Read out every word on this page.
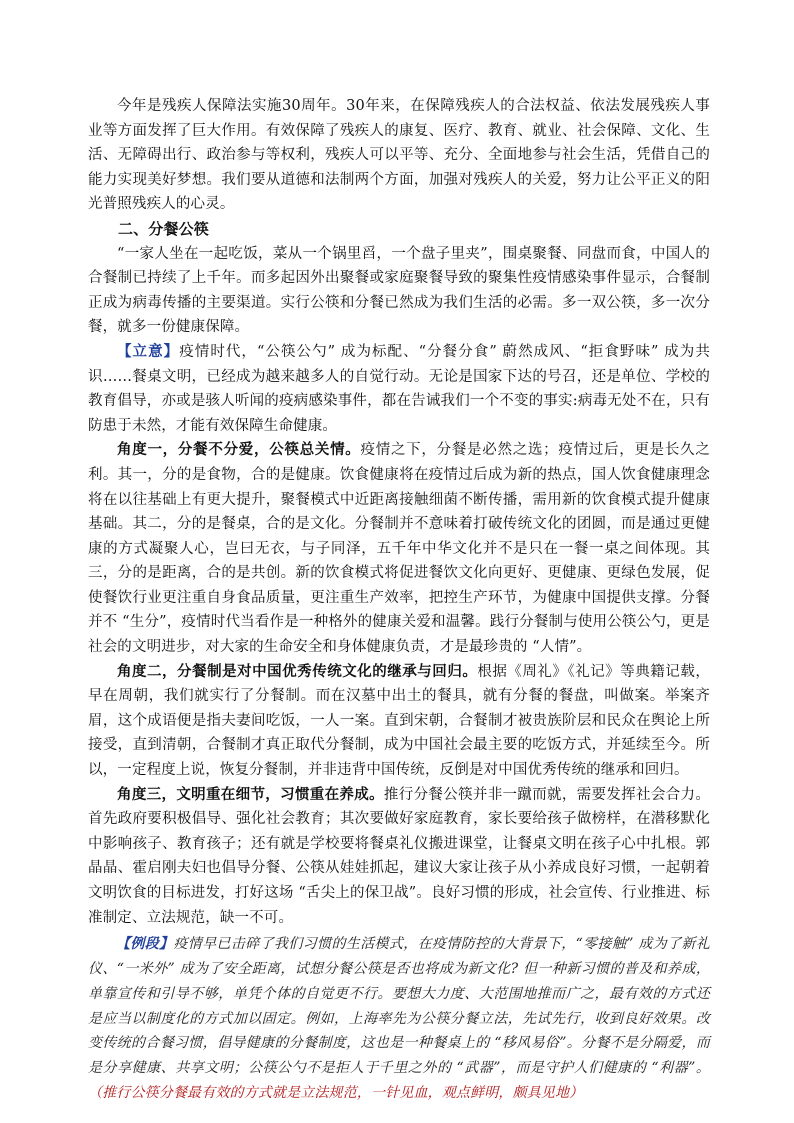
今年是残疾人保障法实施30周年。30年来，在保障残疾人的合法权益、依法发展残疾人事业等方面发挥了巨大作用。有效保障了残疾人的康复、医疗、教育、就业、社会保障、文化、生活、无障碍出行、政治参与等权利，残疾人可以平等、充分、全面地参与社会生活，凭借自己的能力实现美好梦想。我们要从道德和法制两个方面，加强对残疾人的关爱，努力让公平正义的阳光普照残疾人的心灵。

二、分餐公筷

“一家人坐在一起吃饭，菜从一个锅里舀，一个盘子里夹”，围桌聚餐、同盘而食，中国人的合餐制已持续了上千年。而多起因外出聚餐或家庭聚餐导致的聚集性疫情感染事件显示，合餐制正成为病毒传播的主要渠道。实行公筷和分餐已然成为我们生活的必需。多一双公筷，多一次分餐，就多一份健康保障。

【立意】疫情时代，“公筷公勺” 成为标配、“分餐分食” 蔚然成风、“拒食野味” 成为共识……餐桌文明，已经成为越来越多人的自觉行动。无论是国家下达的号召，还是单位、学校的教育倡导，亦或是骇人听闻的疫病感染事件，都在告诫我们一个不变的事实:病毒无处不在，只有防患于未然，才能有效保障生命健康。

角度一，分餐不分爱，公筷总关情。疫情之下，分餐是必然之选；疫情过后，更是长久之利。其一，分的是食物，合的是健康。饮食健康将在疫情过后成为新的热点，国人饮食健康理念将在以往基础上有更大提升，聚餐模式中近距离接触细菌不断传播，需用新的饮食模式提升健康基础。其二，分的是餐桌，合的是文化。分餐制并不意味着打破传统文化的团圆，而是通过更健康的方式凝聚人心，岂曰无衣，与子同泽，五千年中华文化并不是只在一餐一桌之间体现。其三，分的是距离，合的是共创。新的饮食模式将促进餐饮文化向更好、更健康、更绿色发展，促使餐饮行业更注重自身食品质量，更注重生产效率，把控生产环节，为健康中国提供支撑。分餐并不 “生分”，疫情时代当看作是一种格外的健康关爱和温馨。践行分餐制与使用公筷公勺，更是社会的文明进步，对大家的生命安全和身体健康负责，才是最珍贵的 “人情”。

角度二，分餐制是对中国优秀传统文化的继承与回归。根据《周礼》《礼记》等典籍记载，早在周朝，我们就实行了分餐制。而在汉墓中出土的餐具，就有分餐的餐盘，叫做案。举案齐眉，这个成语便是指夫妻间吃饭，一人一案。直到宋朝，合餐制才被贵族阶层和民众在舆论上所接受，直到清朝，合餐制才真正取代分餐制，成为中国社会最主要的吃饭方式，并延续至今。所以，一定程度上说，恢复分餐制，并非违背中国传统，反倒是对中国优秀传统的继承和回归。

角度三，文明重在细节，习惯重在养成。推行分餐公筷并非一蹴而就，需要发挥社会合力。首先政府要积极倡导、强化社会教育；其次要做好家庭教育，家长要给孩子做榜样，在潜移默化中影响孩子、教育孩子；还有就是学校要将餐桌礼仪搬进课堂，让餐桌文明在孩子心中扎根。郭晶晶、霍启刚夫妇也倡导分餐、公筷从娃娃抓起，建议大家让孩子从小养成良好习惯，一起朝着文明饮食的目标进发，打好这场 “舌尖上的保卫战”。良好习惯的形成，社会宣传、行业推进、标准制定、立法规范，缺一不可。

【例段】疫情早已击碎了我们习惯的生活模式，在疫情防控的大背景下，“零接触” 成为了新礼仪、“一米外” 成为了安全距离，试想分餐公筷是否也将成为新文化? 但一种新习惯的普及和养成，单靠宣传和引导不够，单凭个体的自觉更不行。要想大力度、大范围地推而广之，最有效的方式还是应当以制度化的方式加以固定。例如，上海率先为公筷分餐立法，先试先行，收到良好效果。改变传统的合餐习惯，倡导健康的分餐制度，这也是一种餐桌上的 “移风易俗”。分餐不是分隔爱，而是分享健康、共享文明；公筷公勺不是拒人于千里之外的 “武器”，而是守护人们健康的 “利器”。（推行公筷分餐最有效的方式就是立法规范，一针见血，观点鲜明，颇具见地）
